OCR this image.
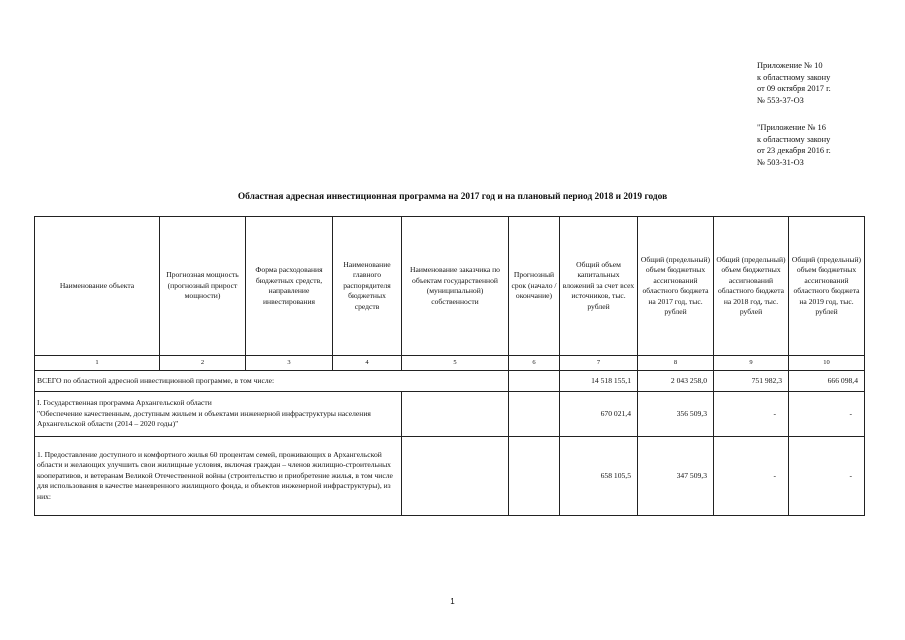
Приложение № 10
к областному закону
от 09 октября 2017 г.
№ 553-37-ОЗ
"Приложение № 16
к областному закону
от 23 декабря 2016 г.
№ 503-31-ОЗ
Областная адресная инвестиционная программа на 2017 год и на плановый период 2018 и 2019 годов
Наименование объекта	Прогнозная мощность (прогнозный прирост мощности)	Форма расходования бюджетных средств, направление инвестирования	Наименование главного распорядителя бюджетных средств	Наименование заказчика по объектам государственной (муниципальной) собственности	Прогнозный срок (начало / окончание)	Общий объем капитальных вложений за счет всех источников, тыс. рублей	Общий (предельный) объем бюджетных ассигнований областного бюджета на 2017 год, тыс. рублей	Общий (предельный) объем бюджетных ассигнований областного бюджета на 2018 год, тыс. рублей	Общий (предельный) объем бюджетных ассигнований областного бюджета на 2019 год, тыс. рублей
1	2	3	4	5	6	7	8	9	10
ВСЕГО по областной адресной инвестиционной программе, в том числе:						14 518 155,1	2 043 258,0	751 982,3	666 098,4

I. Государственная программа Архангельской области
"Обеспечение качественным, доступным жильем и объектами инженерной инфраструктуры населения Архангельской области (2014 – 2020 годы)"						670 021,4	356 509,3	-	-
1. Предоставление доступного и комфортного жилья 60 процентам семей, проживающих в Архангельской области и желающих улучшить свои жилищные условия, включая граждан – членов жилищно-строительных кооперативов, и ветеранам Великой Отечественной войны (строительство и приобретение жилья, в том числе для использования в качестве маневренного жилищного фонда, и объектов инженерной инфраструктуры), из них:						658 105,5	347 509,3	-	-
1
